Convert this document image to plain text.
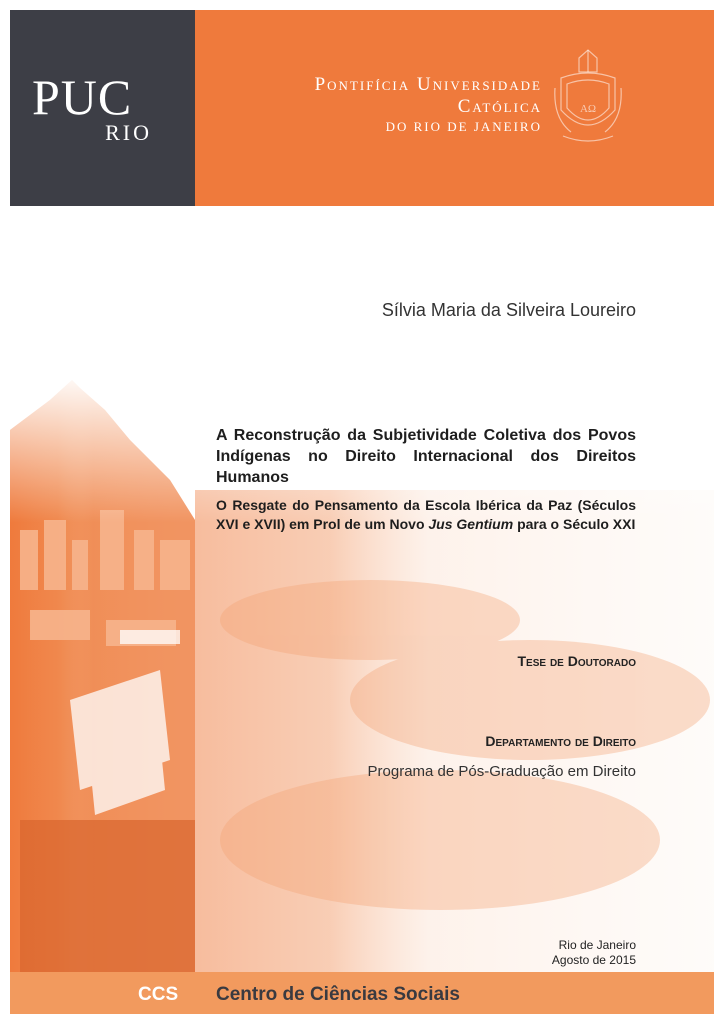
PUC
RIO
Pontifícia Universidade Católica
DO RIO DE JANEIRO
AΩ
Sílvia Maria da Silveira Loureiro
A Reconstrução da Subjetividade Coletiva dos Povos Indígenas no Direito Internacional dos Direitos Humanos
O Resgate do Pensamento da Escola Ibérica da Paz (Séculos XVI e XVII) em Prol de um Novo Jus Gentium para o Século XXI
Tese de Doutorado
Departamento de Direito
Programa de Pós-Graduação em Direito
Rio de Janeiro
Agosto de 2015
CCS Centro de Ciências Sociais
